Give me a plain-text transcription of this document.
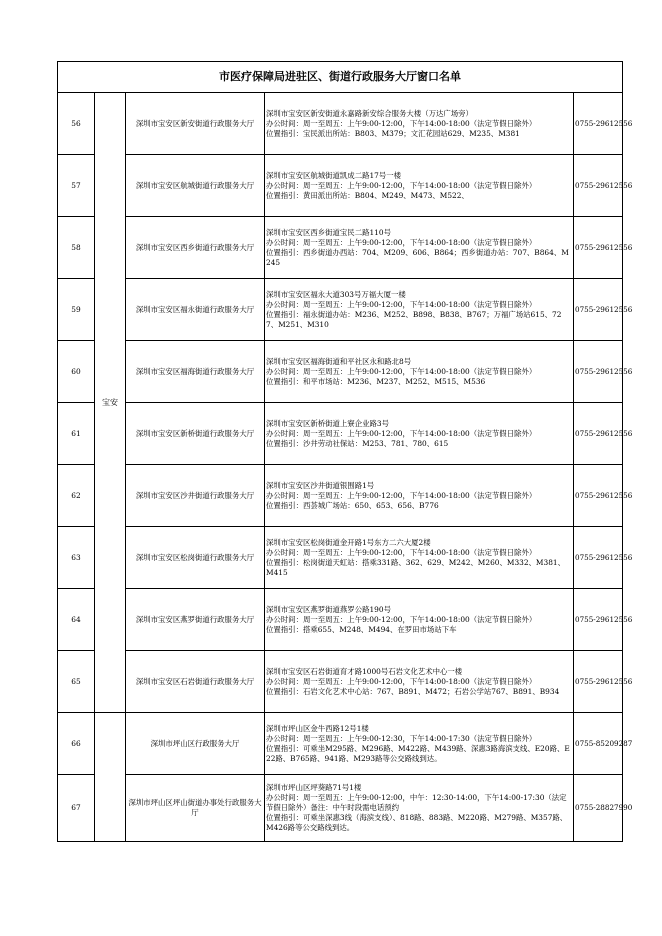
市医疗保障局进驻区、街道行政服务大厅窗口名单				
56	宝安	深圳市宝安区新安街道行政服务大厅	深圳市宝安区新安街道永嘉路新安综合服务大楼（万达广场旁）
办公时间：周一至周五：上午9:00-12:00，下午14:00-18:00（法定节假日除外）
位置指引：宝民派出所站：B803、M379；文汇花园站629、M235、M381	0755-29612556
57		深圳市宝安区航城街道行政服务大厅	深圳市宝安区航城街道凯成二路17号一楼
办公时间：周一至周五：上午9:00-12:00，下午14:00-18:00（法定节假日除外）
位置指引：黄田派出所站：B804、M249、M473、M522、	0755-29612556
58		深圳市宝安区西乡街道行政服务大厅	深圳市宝安区西乡街道宝民二路110号
办公时间：周一至周五：上午9:00-12:00，下午14:00-18:00（法定节假日除外）
位置指引：西乡街道办西站：704、M209、606、B864；西乡街道办站：707、B864、M245	0755-29612556
59		深圳市宝安区福永街道行政服务大厅	深圳市宝安区福永大道303号万福大厦一楼
办公时间：周一至周五：上午9:00-12:00，下午14:00-18:00（法定节假日除外）
位置指引：福永街道办站：M236、M252、B898、B838、B767；万福广场站615、727、M251、M310	0755-29612556
60		深圳市宝安区福海街道行政服务大厅	深圳市宝安区福海街道和平社区永和路北8号
办公时间：周一至周五：上午9:00-12:00，下午14:00-18:00（法定节假日除外）
位置指引：和平市场站：M236、M237、M252、M515、M536	0755-29612556
61		深圳市宝安区新桥街道行政服务大厅	深圳市宝安区新桥街道上寮企业路3号
办公时间：周一至周五：上午9:00-12:00，下午14:00-18:00（法定节假日除外）
位置指引：沙井劳动社保站：M253、781、780、615	0755-29612556
62		深圳市宝安区沙井街道行政服务大厅	深圳市宝安区沙井街道银围路1号
办公时间：周一至周五：上午9:00-12:00，下午14:00-18:00（法定节假日除外）
位置指引：西荟城广场站：650、653、656、B776	0755-29612556
63		深圳市宝安区松岗街道行政服务大厅	深圳市宝安区松岗街道金开路1号东方二六大厦2楼
办公时间：周一至周五：上午9:00-12:00，下午14:00-18:00（法定节假日除外）
位置指引：松岗街道天虹站：搭乘331路、362、629、M242、M260、M332、M381、M415	0755-29612556
64		深圳市宝安区燕罗街道行政服务大厅	深圳市宝安区燕罗街道燕罗公路190号
办公时间：周一至周五：上午9:00-12:00，下午14:00-18:00（法定节假日除外）
位置指引：搭乘655、M248、M494、在罗田市场站下车	0755-29612556
65		深圳市宝安区石岩街道行政服务大厅	深圳市宝安区石岩街道育才路1000号石岩文化艺术中心一楼
办公时间：周一至周五：上午9:00-12:00，下午14:00-18:00（法定节假日除外）
位置指引：石岩文化艺术中心站：767、B891、M472；石岩公学站767、B891、B934	0755-29612556
66		深圳市坪山区行政服务大厅	深圳市坪山区金牛西路12号1楼
办公时间：周一至周五：上午9:00-12:30，下午14:00-17:30（法定节假日除外）
位置指引：可乘坐M295路、M296路、M422路、M439路、深惠3路海滨支线、E20路、E22路、B765路、941路、M293路等公交路线到达。	0755-85209287
67		深圳市坪山区坪山街道办事处行政服务大厅	深圳市坪山区坪葵路71号1楼
办公时间：周一至周五：上午9:00-12:00，中午：12:30-14:00，下午14:00-17:30（法定节假日除外）备注：中午时段需电话预约
位置指引：可乘坐深惠3线（海滨支线）、818路、883路、M220路、M279路、M357路、M426路等公交路线到达。	0755-28827990
